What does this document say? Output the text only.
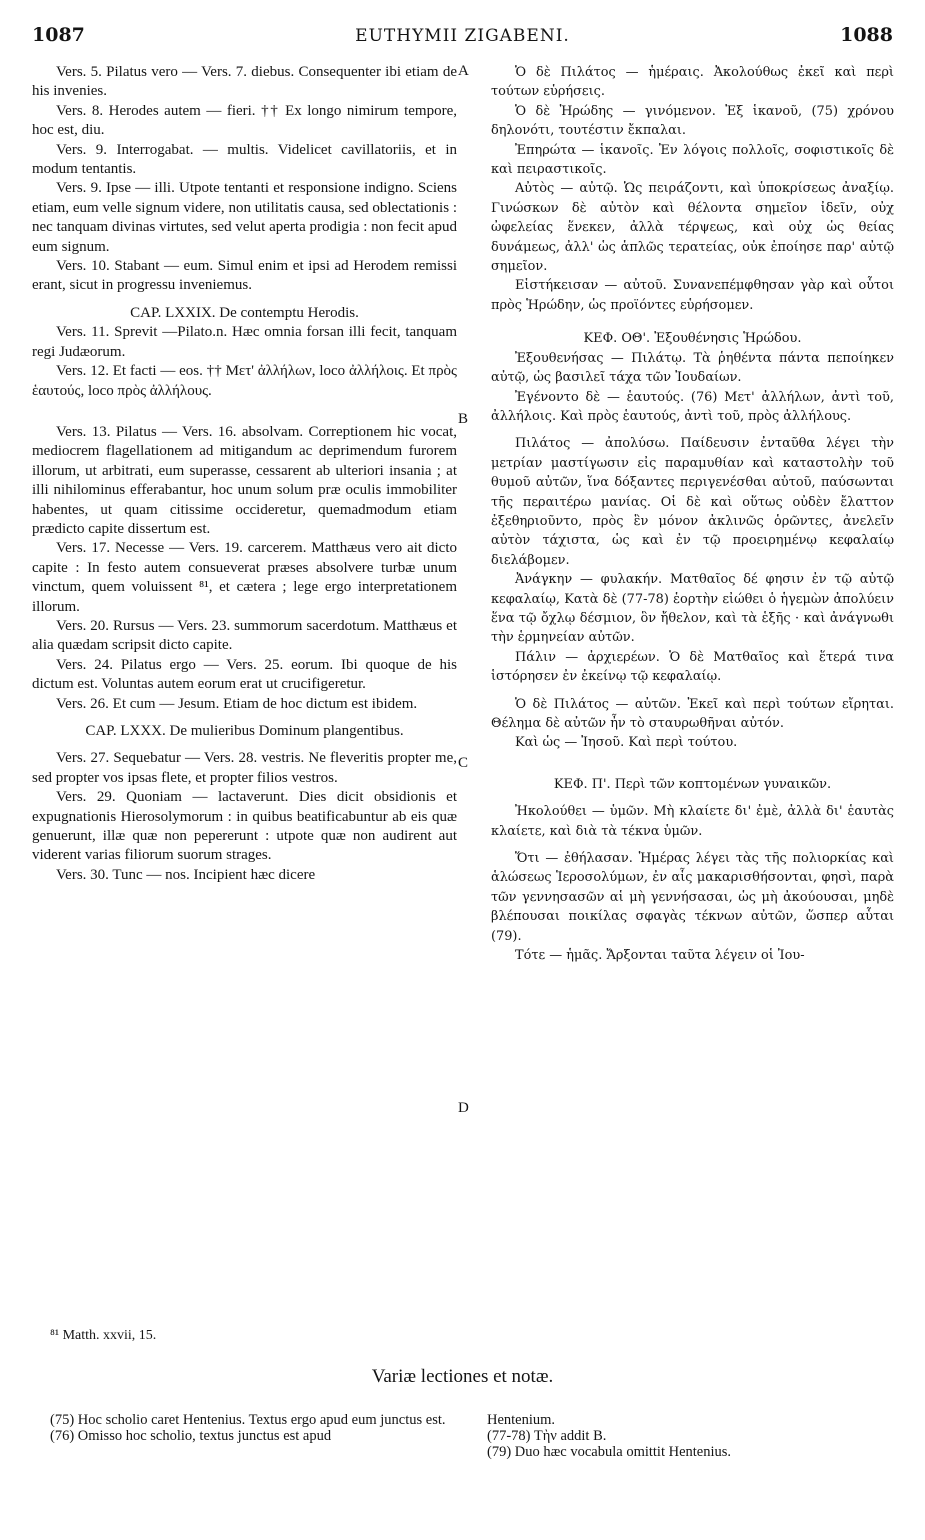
1087	EUTHYMII ZIGABENI.	1088
A
B
C
D

Vers. 5. Pilatus vero — Vers. 7. diebus. Consequenter ibi etiam de his invenies.

Vers. 8. Herodes autem — fieri. †† Ex longo nimirum tempore, hoc est, diu.

Vers. 9. Interrogabat. — multis. Videlicet cavillatoriis, et in modum tentantis.

Vers. 9. Ipse — illi. Utpote tentanti et responsione indigno. Sciens etiam, eum velle signum videre, non utilitatis causa, sed oblectationis : nec tanquam divinas virtutes, sed velut aperta prodigia : non fecit apud eum signum.

Vers. 10. Stabant — eum. Simul enim et ipsi ad Herodem remissi erant, sicut in progressu inveniemus.

CAP. LXXIX. De contemptu Herodis.

Vers. 11. Sprevit —Pilato.n. Hæc omnia forsan illi fecit, tanquam regi Judæorum.

Vers. 12. Et facti — eos. †† Μετ' ἀλλήλων, loco ἀλλήλοις. Et πρὸς ἑαυτούς, loco πρὸς ἀλλήλους.

Vers. 13. Pilatus — Vers. 16. absolvam. Correptionem hic vocat, mediocrem flagellationem ad mitigandum ac deprimendum furorem illorum, ut arbitrati, eum superasse, cessarent ab ulteriori insania ; at illi nihilominus efferabantur, hoc unum solum præ oculis immobiliter habentes, ut quam citissime occideretur, quemadmodum etiam prædicto capite dissertum est.

Vers. 17. Necesse — Vers. 19. carcerem. Matthæus vero ait dicto capite : In festo autem consueverat præses absolvere turbæ unum vinctum, quem voluissent ⁸¹, et cætera ; lege ergo interpretationem illorum.

Vers. 20. Rursus — Vers. 23. summorum sacerdotum. Matthæus et alia quædam scripsit dicto capite.

Vers. 24. Pilatus ergo — Vers. 25. eorum. Ibi quoque de his dictum est. Voluntas autem eorum erat ut crucifigeretur.

Vers. 26. Et cum — Jesum. Etiam de hoc dictum est ibidem.

CAP. LXXX. De mulieribus Dominum plangentibus.

Vers. 27. Sequebatur — Vers. 28. vestris. Ne fleveritis propter me, sed propter vos ipsas flete, et propter filios vestros.

Vers. 29. Quoniam — lactaverunt. Dies dicit obsidionis et expugnationis Hierosolymorum : in quibus beatificabuntur ab eis quæ genuerunt, illæ quæ non pepererunt : utpote quæ non audirent aut viderent varias filiorum suorum strages.

Vers. 30. Tunc — nos. Incipient hæc dicere

Ὁ δὲ Πιλάτος — ἡμέραις. Ἀκολούθως ἐκεῖ καὶ περὶ τούτων εὑρήσεις.

Ὁ δὲ Ἡρώδης — γινόμενον. Ἐξ ἱκανοῦ, (75) χρόνου δηλονότι, τουτέστιν ἔκπαλαι.

Ἐπηρώτα — ἱκανοῖς. Ἐν λόγοις πολλοῖς, σοφιστικοῖς δὲ καὶ πειραστικοῖς.

Αὐτὸς — αὐτῷ. Ὡς πειράζοντι, καὶ ὑποκρίσεως ἀναξίῳ. Γινώσκων δὲ αὐτὸν καὶ θέλοντα σημεῖον ἰδεῖν, οὐχ ὠφελείας ἕνεκεν, ἀλλὰ τέρψεως, καὶ οὐχ ὡς θείας δυνάμεως, ἀλλ' ὡς ἁπλῶς τερατείας, οὐκ ἐποίησε παρ' αὐτῷ σημεῖον.

Εἱστήκεισαν — αὐτοῦ. Συνανεπέμφθησαν γὰρ καὶ οὗτοι πρὸς Ἡρώδην, ὡς προϊόντες εὑρήσομεν.

ΚΕΦ. ΟΘ'. Ἐξουθένησις Ἡρώδου.

Ἐξουθενήσας — Πιλάτῳ. Τὰ ῥηθέντα πάντα πεποίηκεν αὐτῷ, ὡς βασιλεῖ τάχα τῶν Ἰουδαίων.

Ἐγένοντο δὲ — ἑαυτούς. (76) Μετ' ἀλλήλων, ἀντὶ τοῦ, ἀλλήλοις. Καὶ πρὸς ἑαυτούς, ἀντὶ τοῦ, πρὸς ἀλλήλους.

Πιλάτος — ἀπολύσω. Παίδευσιν ἐνταῦθα λέγει τὴν μετρίαν μαστίγωσιν εἰς παραμυθίαν καὶ καταστολὴν τοῦ θυμοῦ αὐτῶν, ἵνα δόξαντες περιγενέσθαι αὐτοῦ, παύσωνται τῆς περαιτέρω μανίας. Οἱ δὲ καὶ οὕτως οὐδὲν ἔλαττον ἐξεθηριοῦντο, πρὸς ἓν μόνον ἀκλινῶς ὁρῶντες, ἀνελεῖν αὐτὸν τάχιστα, ὡς καὶ ἐν τῷ προειρημένῳ κεφαλαίῳ διελάβομεν.

Ἀνάγκην — φυλακήν. Ματθαῖος δέ φησιν ἐν τῷ αὐτῷ κεφαλαίῳ, Κατὰ δὲ (77-78) ἑορτὴν εἰώθει ὁ ἡγεμὼν ἀπολύειν ἕνα τῷ ὄχλῳ δέσμιον, ὃν ἤθελον, καὶ τὰ ἑξῆς · καὶ ἀνάγνωθι τὴν ἑρμηνείαν αὐτῶν.

Πάλιν — ἀρχιερέων. Ὁ δὲ Ματθαῖος καὶ ἕτερά τινα ἱστόρησεν ἐν ἐκείνῳ τῷ κεφαλαίῳ.

Ὁ δὲ Πιλάτος — αὐτῶν. Ἐκεῖ καὶ περὶ τούτων εἴρηται. Θέλημα δὲ αὐτῶν ἦν τὸ σταυρωθῆναι αὐτόν.

Καὶ ὡς — Ἰησοῦ. Καὶ περὶ τούτου.

ΚΕΦ. Π'. Περὶ τῶν κοπτομένων γυναικῶν.

Ἠκολούθει — ὑμῶν. Μὴ κλαίετε δι' ἐμὲ, ἀλλὰ δι' ἑαυτὰς κλαίετε, καὶ διὰ τὰ τέκνα ὑμῶν.

Ὅτι — ἐθήλασαν. Ἡμέρας λέγει τὰς τῆς πολιορκίας καὶ ἁλώσεως Ἱεροσολύμων, ἐν αἷς μακαρισθήσονται, φησὶ, παρὰ τῶν γεννησασῶν αἱ μὴ γεννήσασαι, ὡς μὴ ἀκούουσαι, μηδὲ βλέπουσαι ποικίλας σφαγὰς τέκνων αὐτῶν, ὥσπερ αὗται (79).

Τότε — ἡμᾶς. Ἄρξονται ταῦτα λέγειν οἱ Ἰου-

⁸¹ Matth. xxvii, 15.
Variæ lectiones et notæ.

(75) Hoc scholio caret Hentenius. Textus ergo apud eum junctus est.

(76) Omisso hoc scholio, textus junctus est apud

Hentenium.

(77-78) Τὴν addit B.

(79) Duo hæc vocabula omittit Hentenius.
